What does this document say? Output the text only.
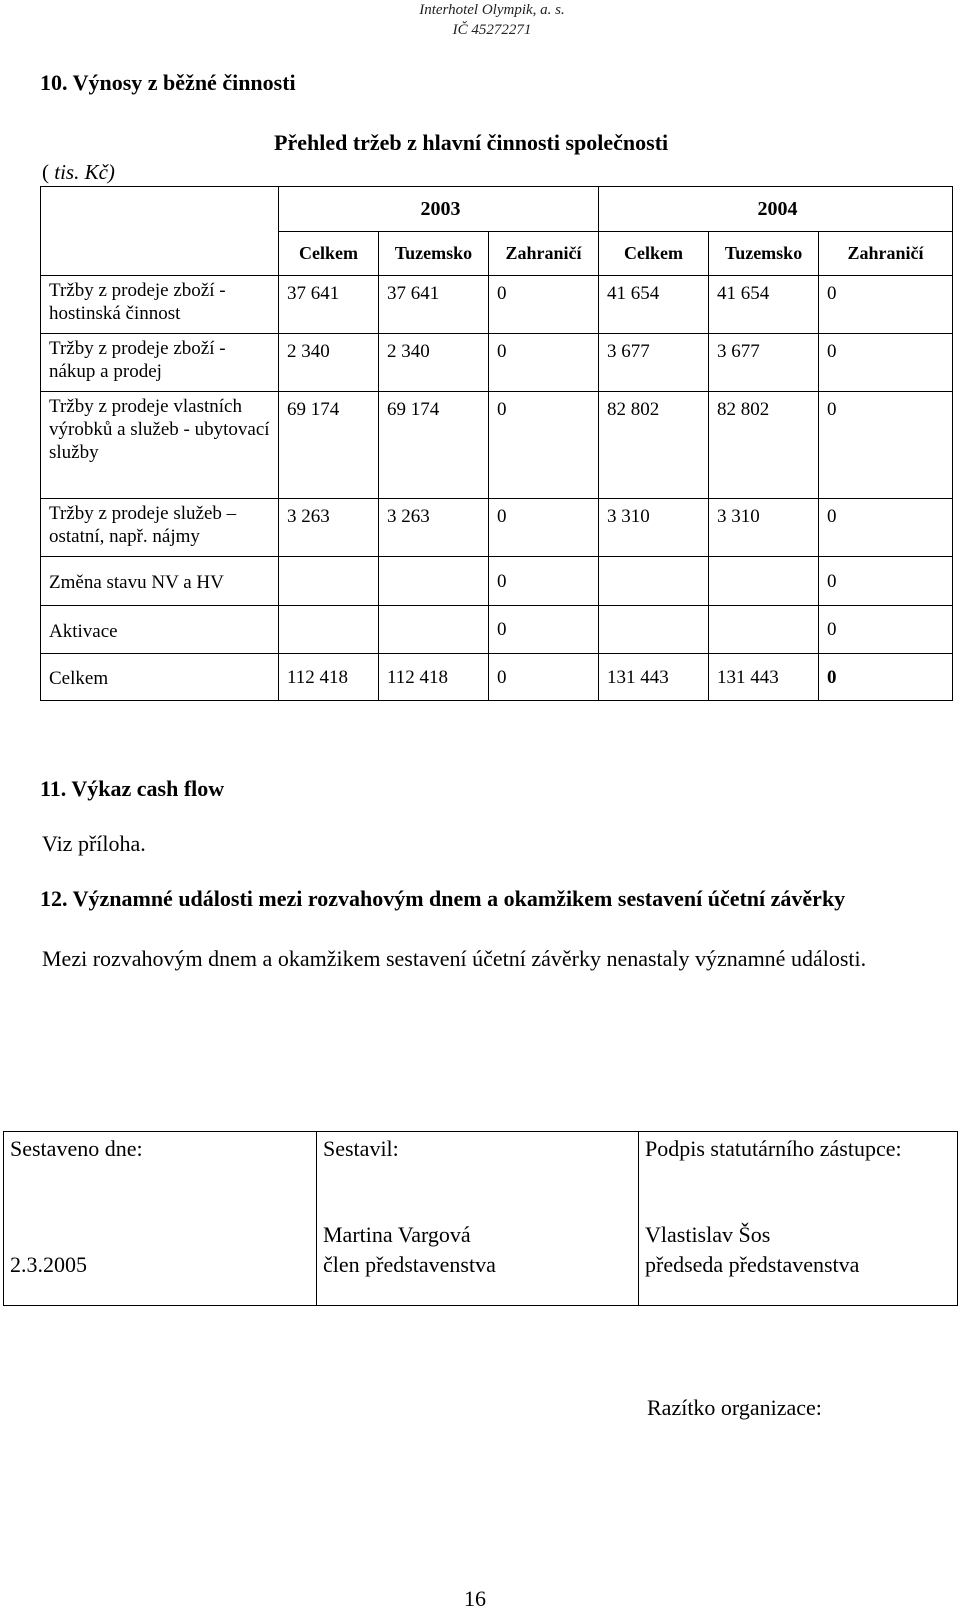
Interhotel Olympik, a. s.
IČ 45272271
10. Výnosy z běžné činnosti
Přehled tržeb z hlavní činnosti společnosti
( tis. Kč)
	2003			2004		
	Celkem	Tuzemsko	Zahraničí	Celkem	Tuzemsko	Zahraničí
Tržby z prodeje zboží -hostinská činnost	37 641	37 641	0	41 654	41 654	0
Tržby z prodeje zboží - nákup a prodej	2 340	2 340	0	3 677	3 677	0
Tržby z prodeje vlastních výrobků a služeb - ubytovací služby	69 174	69 174	0	82 802	82 802	0
Tržby z prodeje služeb – ostatní, např. nájmy	3 263	3 263	0	3 310	3 310	0
Změna stavu NV a HV			0			0
Aktivace			0			0
Celkem	112 418	112 418	0	131 443	131 443	0
11. Výkaz cash flow
Viz příloha.
12. Významné události mezi rozvahovým dnem a okamžikem sestavení účetní závěrky
Mezi rozvahovým dnem a okamžikem sestavení účetní závěrky nenastaly významné události.
Sestaveno dne:
2.3.2005

Sestavil:
Martina Vargová
člen představenstva

Podpis statutárního zástupce:
Vlastislav Šos
předseda představenstva
Razítko organizace:
16
